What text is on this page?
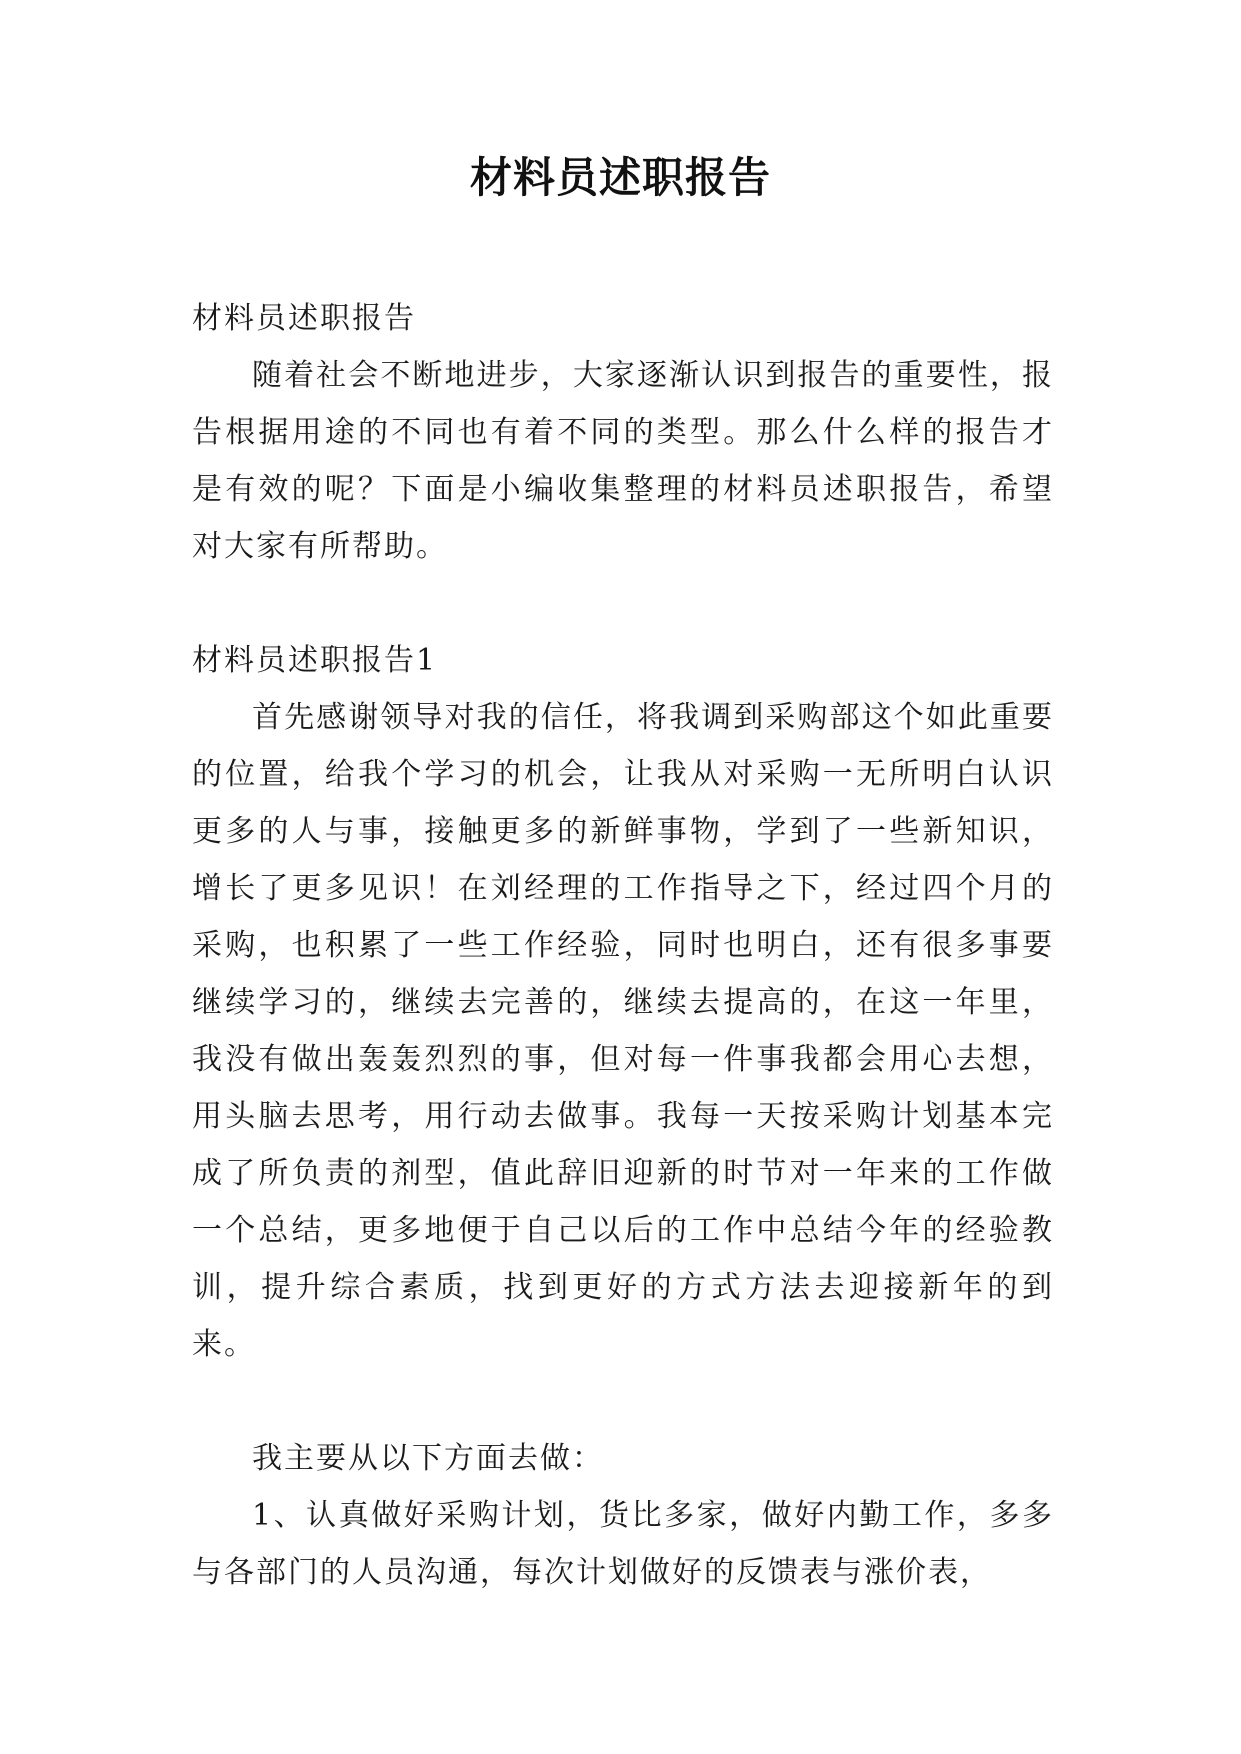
材料员述职报告

材料员述职报告

随着社会不断地进步，大家逐渐认识到报告的重要性，报告根据用途的不同也有着不同的类型。那么什么样的报告才是有效的呢？下面是小编收集整理的材料员述职报告，希望对大家有所帮助。

材料员述职报告1

首先感谢领导对我的信任，将我调到采购部这个如此重要的位置，给我个学习的机会，让我从对采购一无所明白认识更多的人与事，接触更多的新鲜事物，学到了一些新知识，增长了更多见识！在刘经理的工作指导之下，经过四个月的采购，也积累了一些工作经验，同时也明白，还有很多事要继续学习的，继续去完善的，继续去提高的，在这一年里，我没有做出轰轰烈烈的事，但对每一件事我都会用心去想，用头脑去思考，用行动去做事。我每一天按采购计划基本完成了所负责的剂型，值此辞旧迎新的时节对一年来的工作做一个总结，更多地便于自己以后的工作中总结今年的经验教训，提升综合素质，找到更好的方式方法去迎接新年的到来。

我主要从以下方面去做：

1、认真做好采购计划，货比多家，做好内勤工作，多多与各部门的人员沟通，每次计划做好的反馈表与涨价表，
